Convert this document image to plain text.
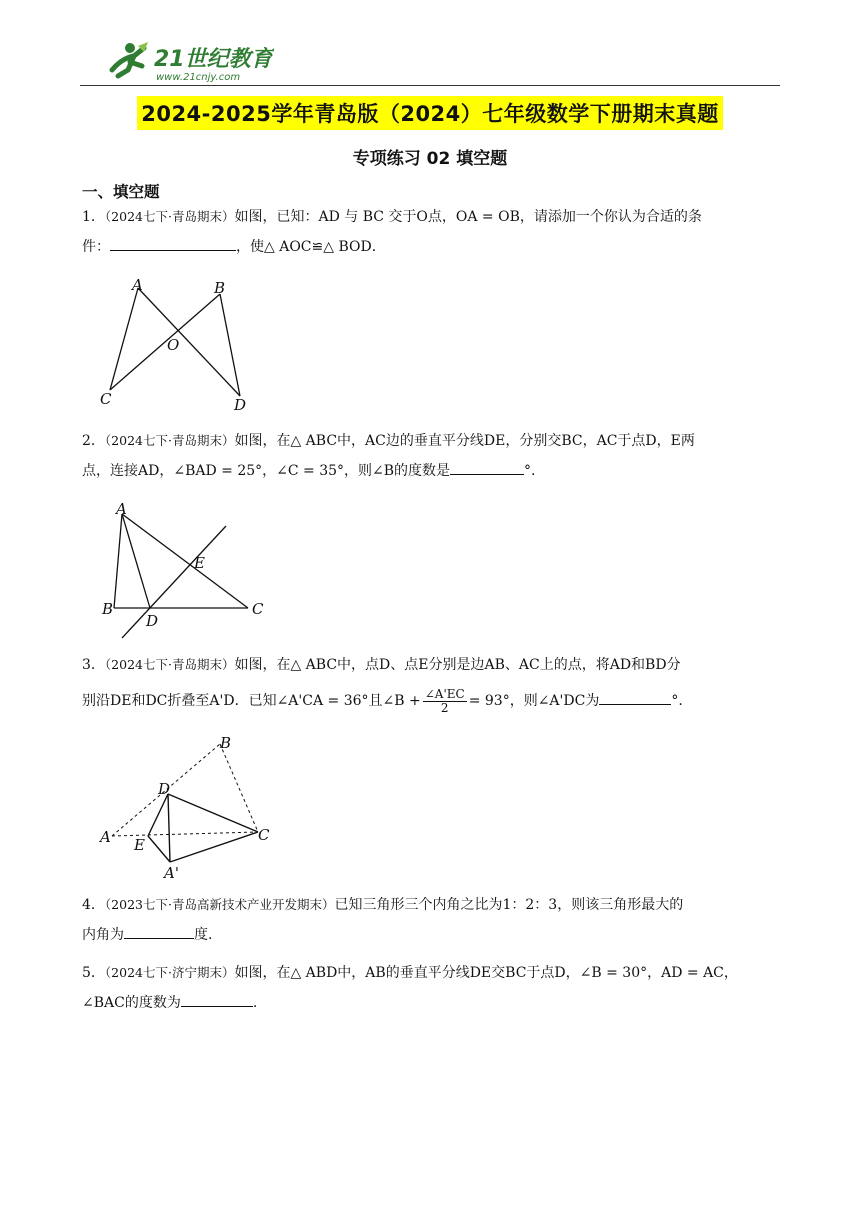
21世纪教育
www.21cnjy.com
2024-2025学年青岛版（2024）七年级数学下册期末真题
专项练习 02 填空题
一、填空题
1．（2024七下·青岛期末）如图，已知：AD 与 BC 交于O点，OA = OB，请添加一个你认为合适的条
件：	，使△ AOC≌△ BOD．
A	B
O
C	D
2．（2024七下·青岛期末）如图，在△ ABC中，AC边的垂直平分线DE，分别交BC，AC于点D，E两
点，连接AD，∠BAD = 25°，∠C = 35°，则∠B的度数是	°.
A
E
B
D
C
3．（2024七下·青岛期末）如图，在△ ABC中，点D、点E分别是边AB、AC上的点，将AD和BD分
别沿DE和DC折叠至A'D．已知∠A'CA = 36°且∠B + $\frac{\angle A'EC}{2} = 93^\circ$，则∠A'DC为	°.
B
D
A E
C
A'
4．（2023七下·青岛高新技术产业开发期末）已知三角形三个内角之比为1：2：3，则该三角形最大的
内角为	度.
5．（2024七下·济宁期末）如图，在△ ABD中，AB的垂直平分线DE交BC于点D，∠B = 30°，AD = AC，
∠BAC的度数为	.
